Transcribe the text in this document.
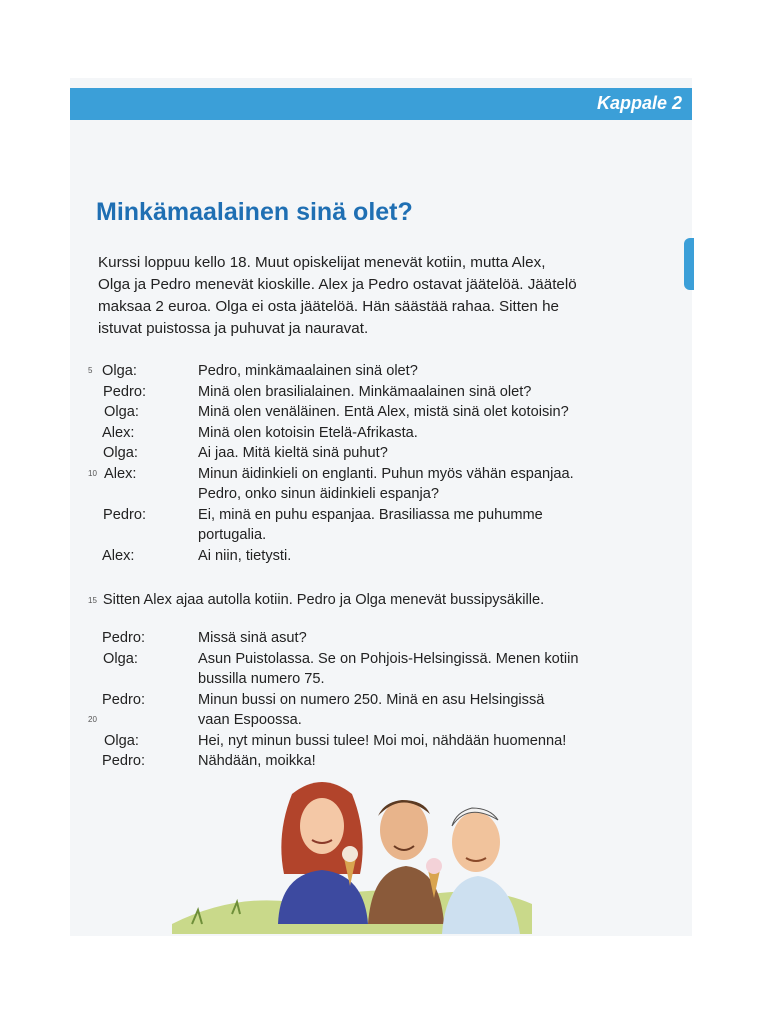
Kappale 2
Minkämaalainen sinä olet?
Kurssi loppuu kello 18. Muut opiskelijat menevät kotiin, mutta Alex,
Olga ja Pedro menevät kioskille. Alex ja Pedro ostavat jäätelöä. Jäätelö
maksaa 2 euroa. Olga ei osta jäätelöä. Hän säästää rahaa. Sitten he
istuvat puistossa ja puhuvat ja nauravat.
5 Olga:	Pedro, minkämaalainen sinä olet?
Pedro:	Minä olen brasilialainen. Minkämaalainen sinä olet?
Olga:	Minä olen venäläinen. Entä Alex, mistä sinä olet kotoisin?
Alex:	Minä olen kotoisin Etelä-Afrikasta.
Olga:	Ai jaa. Mitä kieltä sinä puhut?
10 Alex:	Minun äidinkieli on englanti. Puhun myös vähän espanjaa.
Pedro, onko sinun äidinkieli espanja?
Pedro:	Ei, minä en puhu espanjaa. Brasiliassa me puhumme
portugalia.
Alex:	Ai niin, tietysti.
15 Sitten Alex ajaa autolla kotiin. Pedro ja Olga menevät bussipysäkille.
Pedro:	Missä sinä asut?
Olga:	Asun Puistolassa. Se on Pohjois-Helsingissä. Menen kotiin
bussilla numero 75.
Pedro:	Minun bussi on numero 250. Minä en asu Helsingissä
20	vaan Espoossa.
Olga:	Hei, nyt minun bussi tulee! Moi moi, nähdään huomenna!
Pedro:	Nähdään, moikka!
